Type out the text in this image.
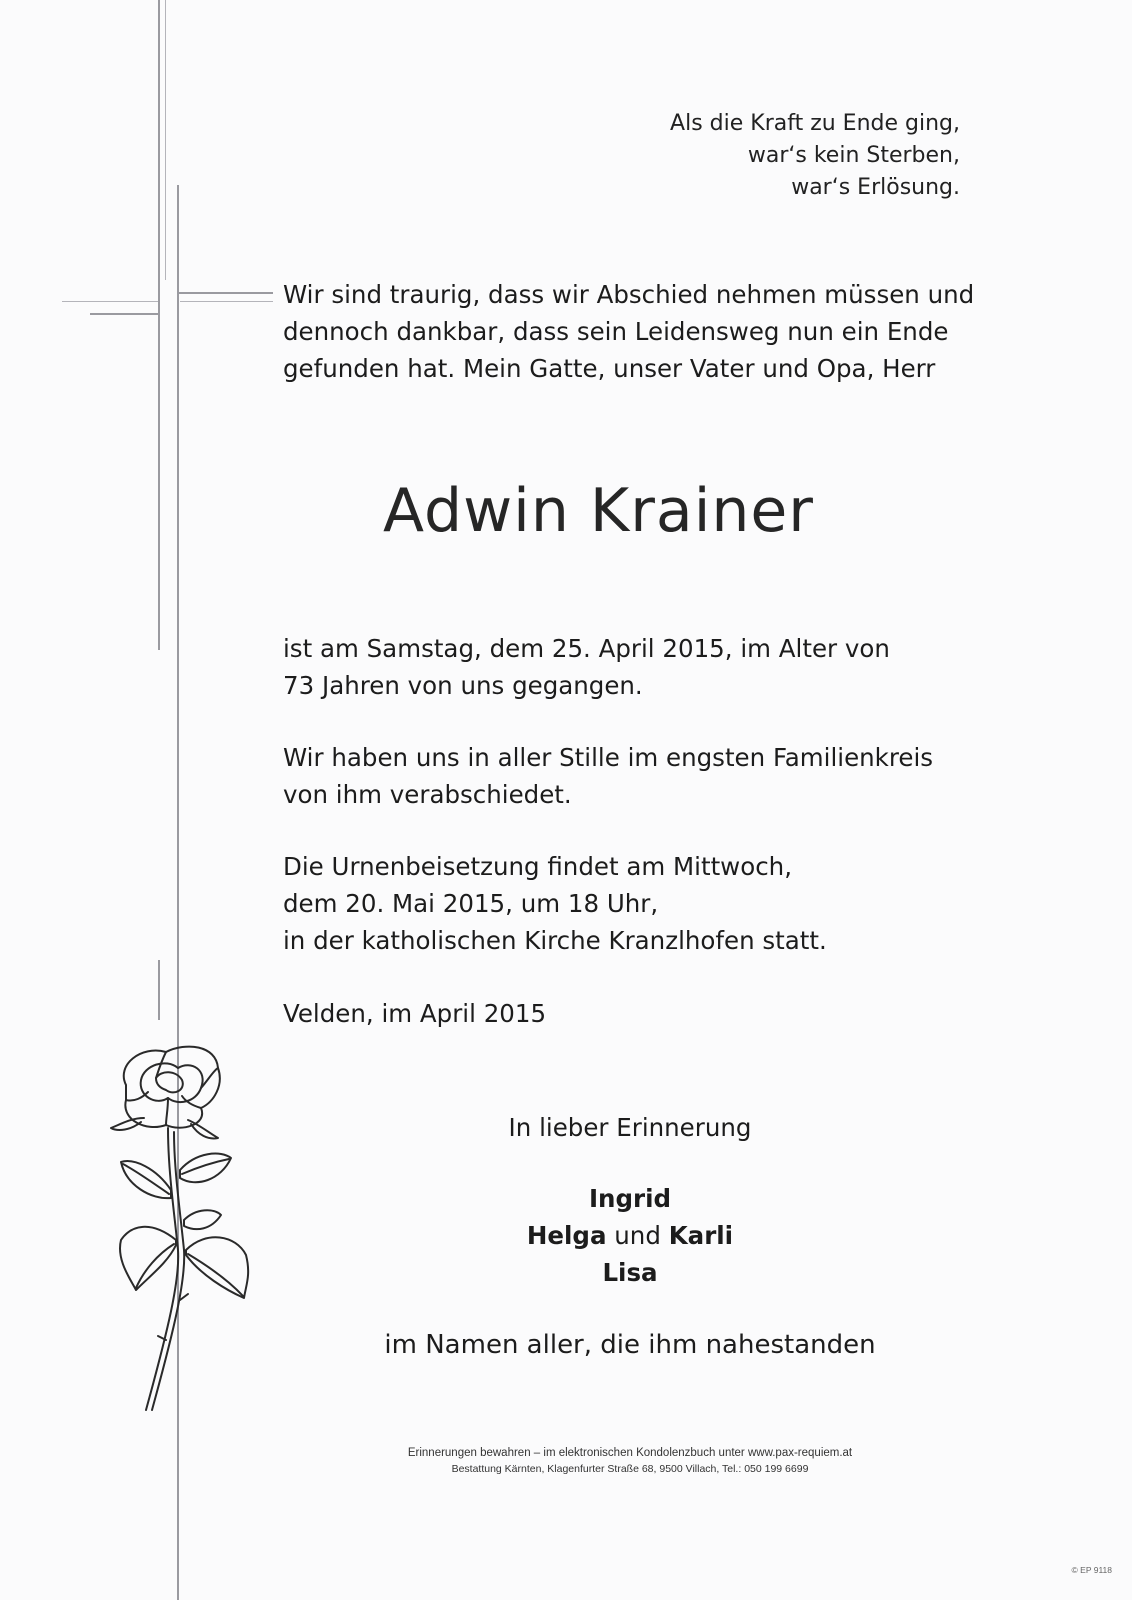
Als die Kraft zu Ende ging,
war‘s kein Sterben,
war‘s Erlösung.
Wir sind traurig, dass wir Abschied nehmen müssen und
dennoch dankbar, dass sein Leidensweg nun ein Ende
gefunden hat. Mein Gatte, unser Vater und Opa, Herr
Adwin Krainer
ist am Samstag, dem 25. April 2015, im Alter von
73 Jahren von uns gegangen.
Wir haben uns in aller Stille im engsten Familienkreis
von ihm verabschiedet.
Die Urnenbeisetzung findet am Mittwoch,
dem 20. Mai 2015, um 18 Uhr,
in der katholischen Kirche Kranzlhofen statt.
Velden, im April 2015
In lieber Erinnerung
Ingrid
Helga und Karli
Lisa
im Namen aller, die ihm nahestanden
Erinnerungen bewahren – im elektronischen Kondolenzbuch unter www.pax-requiem.at
Bestattung Kärnten, Klagenfurter Straße 68, 9500 Villach, Tel.: 050 199 6699
© EP 9118
